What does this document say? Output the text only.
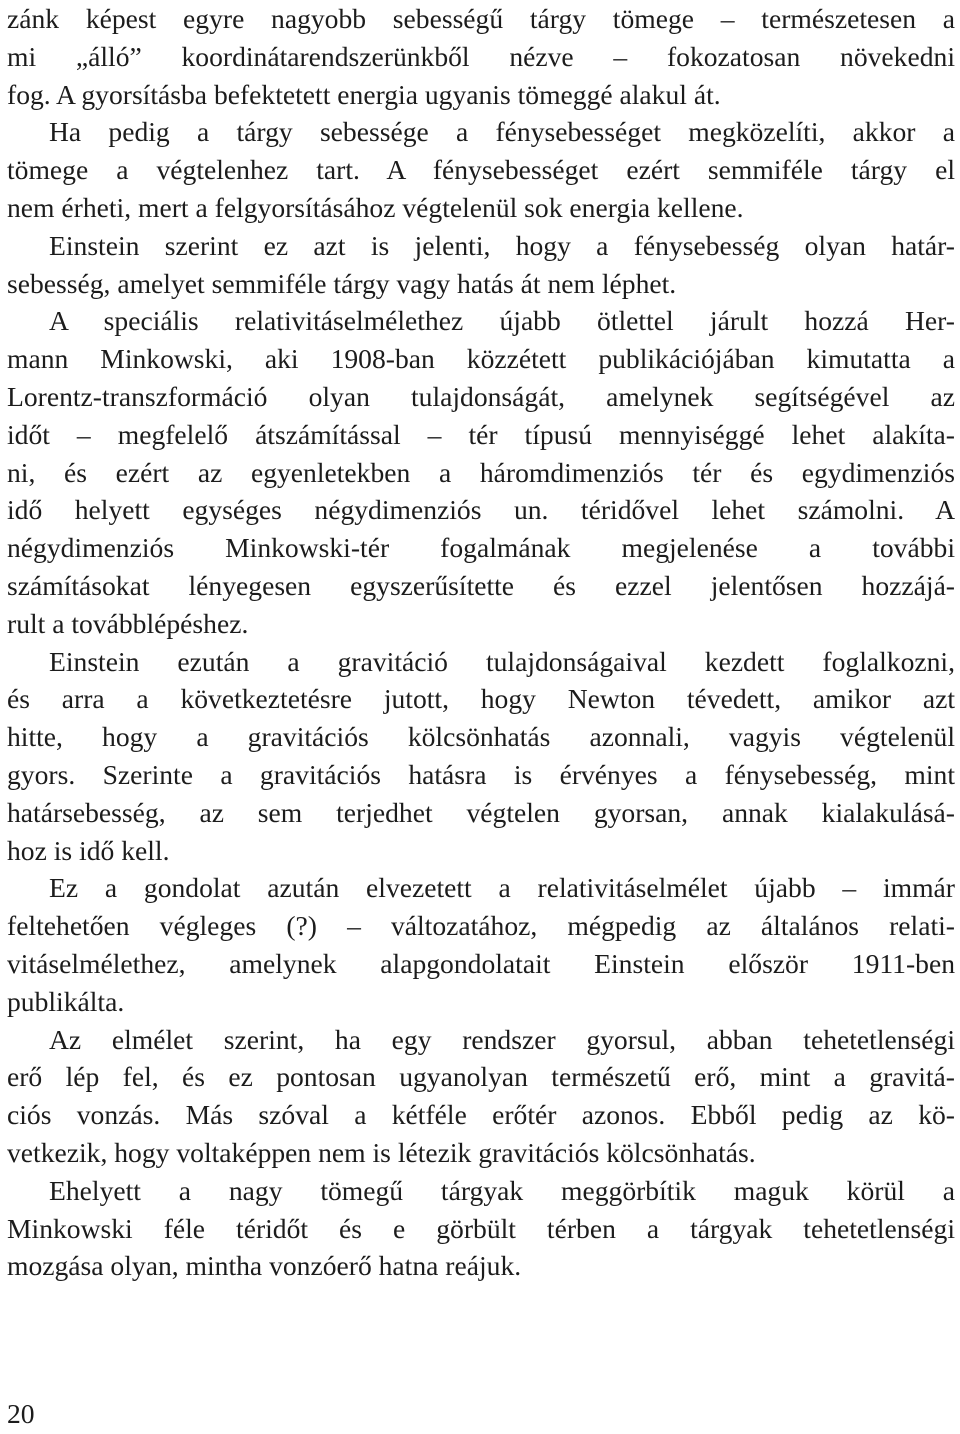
zánk képest egyre nagyobb sebességű tárgy tömege – természetesen a
mi „álló” koordinátarendszerünkből nézve – fokozatosan növekedni
fog. A gyorsításba befektetett energia ugyanis tömeggé alakul át.
Ha pedig a tárgy sebessége a fénysebességet megközelíti, akkor a
tömege a végtelenhez tart. A fénysebességet ezért semmiféle tárgy el
nem érheti, mert a felgyorsításához végtelenül sok energia kellene.
Einstein szerint ez azt is jelenti, hogy a fénysebesség olyan határ-
sebesség, amelyet semmiféle tárgy vagy hatás át nem léphet.
A speciális relativitáselmélethez újabb ötlettel járult hozzá Her-
mann Minkowski, aki 1908-ban közzétett publikációjában kimutatta a
Lorentz-transzformáció olyan tulajdonságát, amelynek segítségével az
időt – megfelelő átszámítással – tér típusú mennyiséggé lehet alakíta-
ni, és ezért az egyenletekben a háromdimenziós tér és egydimenziós
idő helyett egységes négydimenziós un. téridővel lehet számolni. A
négydimenziós Minkowski-tér fogalmának megjelenése a további
számításokat lényegesen egyszerűsítette és ezzel jelentősen hozzájá-
rult a továbblépéshez.
Einstein ezután a gravitáció tulajdonságaival kezdett foglalkozni,
és arra a következtetésre jutott, hogy Newton tévedett, amikor azt
hitte, hogy a gravitációs kölcsönhatás azonnali, vagyis végtelenül
gyors. Szerinte a gravitációs hatásra is érvényes a fénysebesség, mint
határsebesség, az sem terjedhet végtelen gyorsan, annak kialakulásá-
hoz is idő kell.
Ez a gondolat azután elvezetett a relativitáselmélet újabb – immár
feltehetően végleges (?) – változatához, mégpedig az általános relati-
vitáselmélethez, amelynek alapgondolatait Einstein először 1911-ben
publikálta.
Az elmélet szerint, ha egy rendszer gyorsul, abban tehetetlenségi
erő lép fel, és ez pontosan ugyanolyan természetű erő, mint a gravitá-
ciós vonzás. Más szóval a kétféle erőtér azonos. Ebből pedig az kö-
vetkezik, hogy voltaképpen nem is létezik gravitációs kölcsönhatás.
Ehelyett a nagy tömegű tárgyak meggörbítik maguk körül a
Minkowski féle téridőt és e görbült térben a tárgyak tehetetlenségi
mozgása olyan, mintha vonzóerő hatna reájuk.
20
